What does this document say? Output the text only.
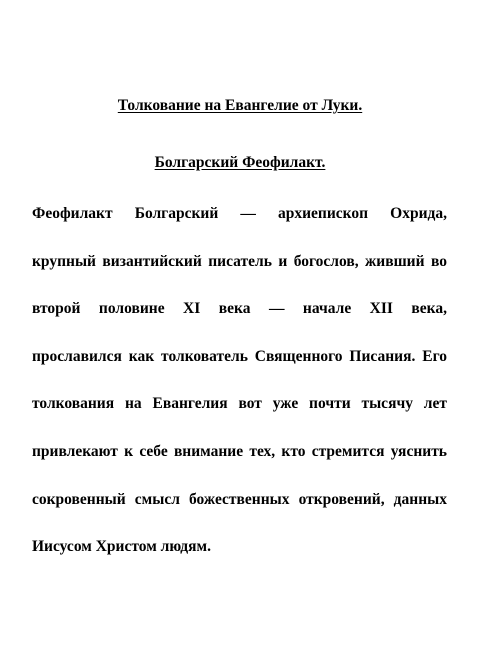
Толкование на Евангелие от Луки.
Болгарский Феофилакт.
Феофилакт Болгарский — архиепископ Охрида,
крупный византийский писатель и богослов, живший во
второй половине XI века — начале XII века,
прославился как толкователь Священного Писания. Его
толкования на Евангелия вот уже почти тысячу лет
привлекают к себе внимание тех, кто стремится уяснить
сокровенный смысл божественных откровений, данных
Иисусом Христом людям.
